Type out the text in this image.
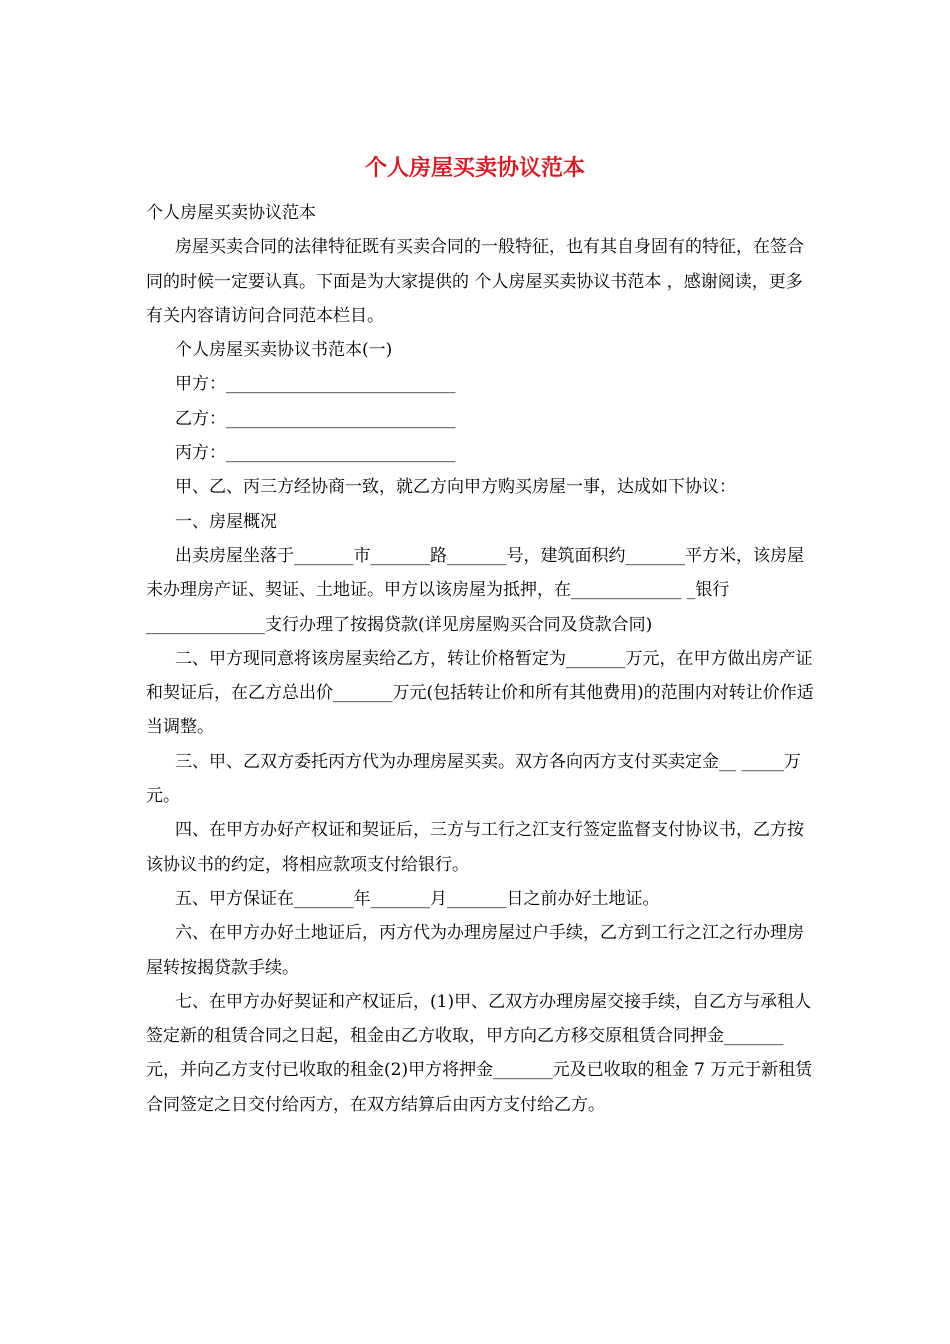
个人房屋买卖协议范本

个人房屋买卖协议范本

房屋买卖合同的法律特征既有买卖合同的一般特征，也有其自身固有的特征，在签合同的时候一定要认真。下面是为大家提供的 个人房屋买卖协议书范本 ，感谢阅读，更多有关内容请访问合同范本栏目。

个人房屋买卖协议书范本(一)

甲方：___________________________

乙方：___________________________

丙方：___________________________

甲、乙、丙三方经协商一致，就乙方向甲方购买房屋一事，达成如下协议：

一、房屋概况

出卖房屋坐落于_______市_______路_______号，建筑面积约_______平方米，该房屋未办理房产证、契证、土地证。甲方以该房屋为抵押，在_____________ _银行______________支行办理了按揭贷款(详见房屋购买合同及贷款合同)

二、甲方现同意将该房屋卖给乙方，转让价格暂定为_______万元，在甲方做出房产证和契证后，在乙方总出价_______万元(包括转让价和所有其他费用)的范围内对转让价作适当调整。

三、甲、乙双方委托丙方代为办理房屋买卖。双方各向丙方支付买卖定金__ _____万元。

四、在甲方办好产权证和契证后，三方与工行之江支行签定监督支付协议书，乙方按该协议书的约定，将相应款项支付给银行。

五、甲方保证在_______年_______月_______日之前办好土地证。

六、在甲方办好土地证后，丙方代为办理房屋过户手续，乙方到工行之江之行办理房屋转按揭贷款手续。

七、在甲方办好契证和产权证后，(1)甲、乙双方办理房屋交接手续，自乙方与承租人签定新的租赁合同之日起，租金由乙方收取，甲方向乙方移交原租赁合同押金_______元，并向乙方支付已收取的租金(2)甲方将押金_______元及已收取的租金 7 万元于新租赁合同签定之日交付给丙方，在双方结算后由丙方支付给乙方。
